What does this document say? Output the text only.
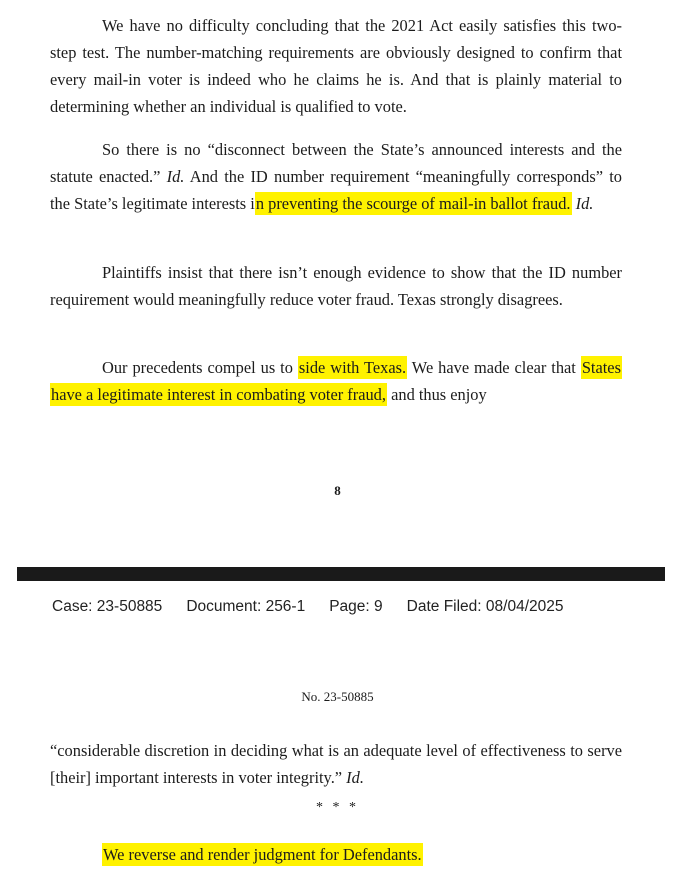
We have no difficulty concluding that the 2021 Act easily satisfies this two-step test. The number-matching requirements are obviously designed to confirm that every mail-in voter is indeed who he claims he is. And that is plainly material to determining whether an individual is qualified to vote.

So there is no “disconnect between the State’s announced interests and the statute enacted.” Id. And the ID number requirement “meaningfully corresponds” to the State’s legitimate interests in preventing the scourge of mail-in ballot fraud. Id.

Plaintiffs insist that there isn’t enough evidence to show that the ID number requirement would meaningfully reduce voter fraud. Texas strongly disagrees.

Our precedents compel us to side with Texas. We have made clear that States have a legitimate interest in combating voter fraud, and thus enjoy

8
Case: 23-50885 Document: 256-1 Page: 9 Date Filed: 08/04/2025
No. 23-50885

“considerable discretion in deciding what is an adequate level of effectiveness to serve [their] important interests in voter integrity.” Id.

* * *

We reverse and render judgment for Defendants.
